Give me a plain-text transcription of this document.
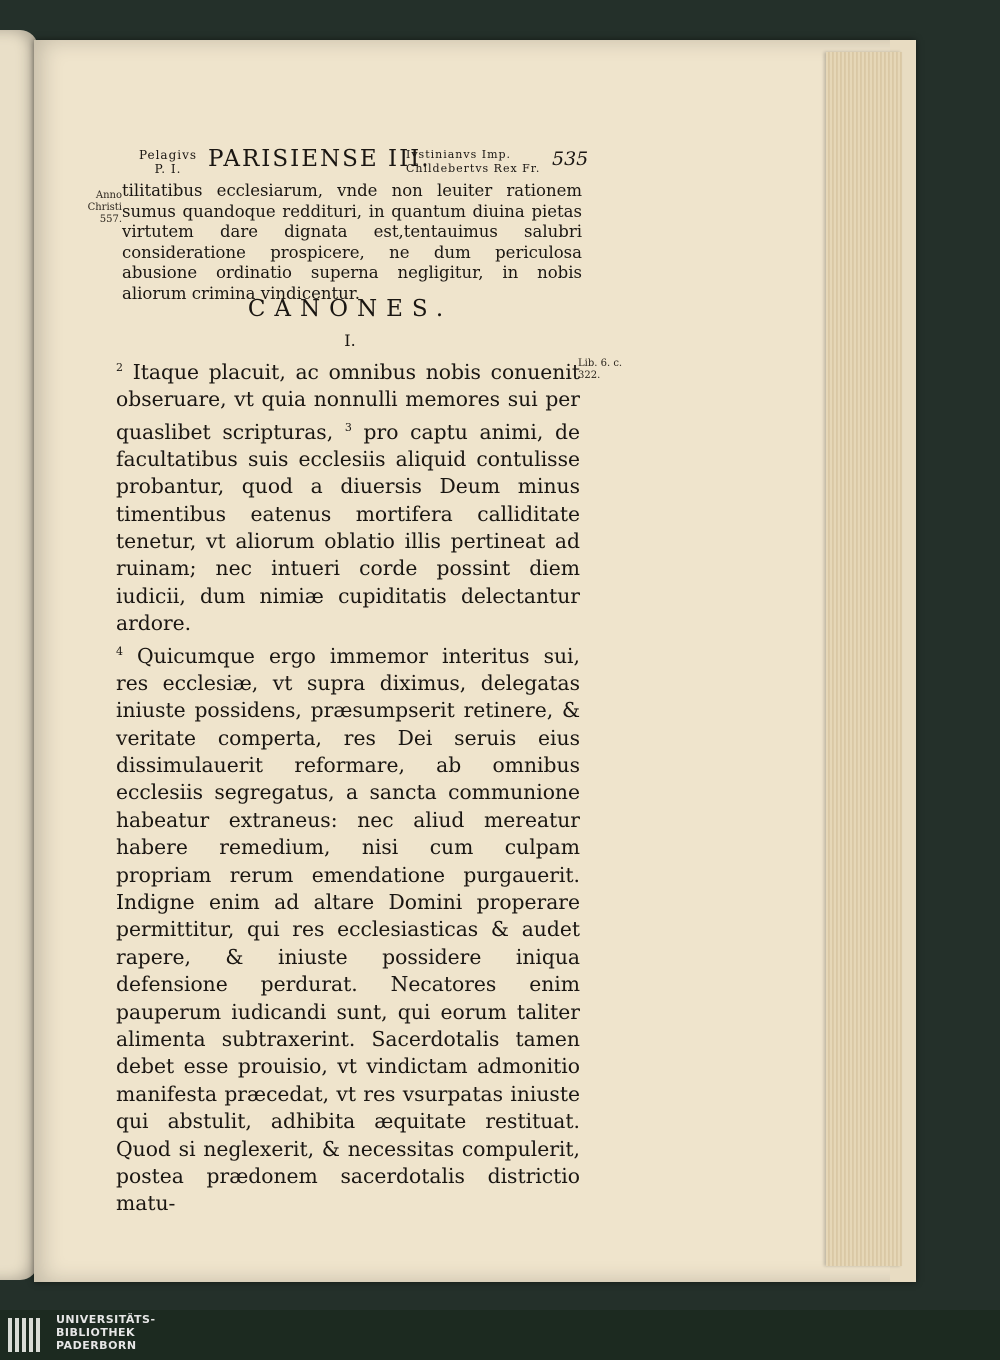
Pelagivs
P. I.	PARISIENSE III.
Ivstinianvs Imp.
Childebertvs Rex Fr. 535
Anno
Christi
557.

tilitatibus ecclesiarum, vnde non leuiter rationem sumus quandoque reddituri, in quantum diuina pietas virtutem dare dignata est,tentauimus salubri consideratione prospicere, ne dum periculosa abusione ordinatio superna negligitur, in nobis aliorum crimina vindicentur.

CANONES.
I.
Lib. 6. c.
322.

$^2$ Itaque placuit, ac omnibus nobis conuenit obseruare, vt quia nonnulli memores sui per quaslibet scripturas, $^3$ pro captu animi, de facultatibus suis ecclesiis aliquid contulisse probantur, quod a diuersis Deum minus timentibus eatenus mortifera calliditate tenetur, vt aliorum oblatio illis pertineat ad ruinam; nec intueri corde possint diem iudicii, dum nimiæ cupiditatis delectantur ardore.

$^4$ Quicumque ergo immemor interitus sui, res ecclesiæ, vt supra diximus, delegatas iniuste possidens, præsumpserit retinere, & veritate comperta, res Dei seruis eius dissimulauerit reformare, ab omnibus ecclesiis segregatus, a sancta communione habeatur extraneus: nec aliud mereatur habere remedium, nisi cum culpam propriam rerum emendatione purgauerit. Indigne enim ad altare Domini properare permittitur, qui res ecclesiasticas & audet rapere, & iniuste possidere iniqua defensione perdurat. Necatores enim pauperum iudicandi sunt, qui eorum taliter alimenta subtraxerint. Sacerdotalis tamen debet esse prouisio, vt vindictam admonitio manifesta præcedat, vt res vsurpatas iniuste qui abstulit, adhibita æquitate restituat. Quod si neglexerit, & necessitas compulerit, postea prædonem sacerdotalis districtio matu-

UNIVERSITÄTS-
BIBLIOTHEK
PADERBORN
